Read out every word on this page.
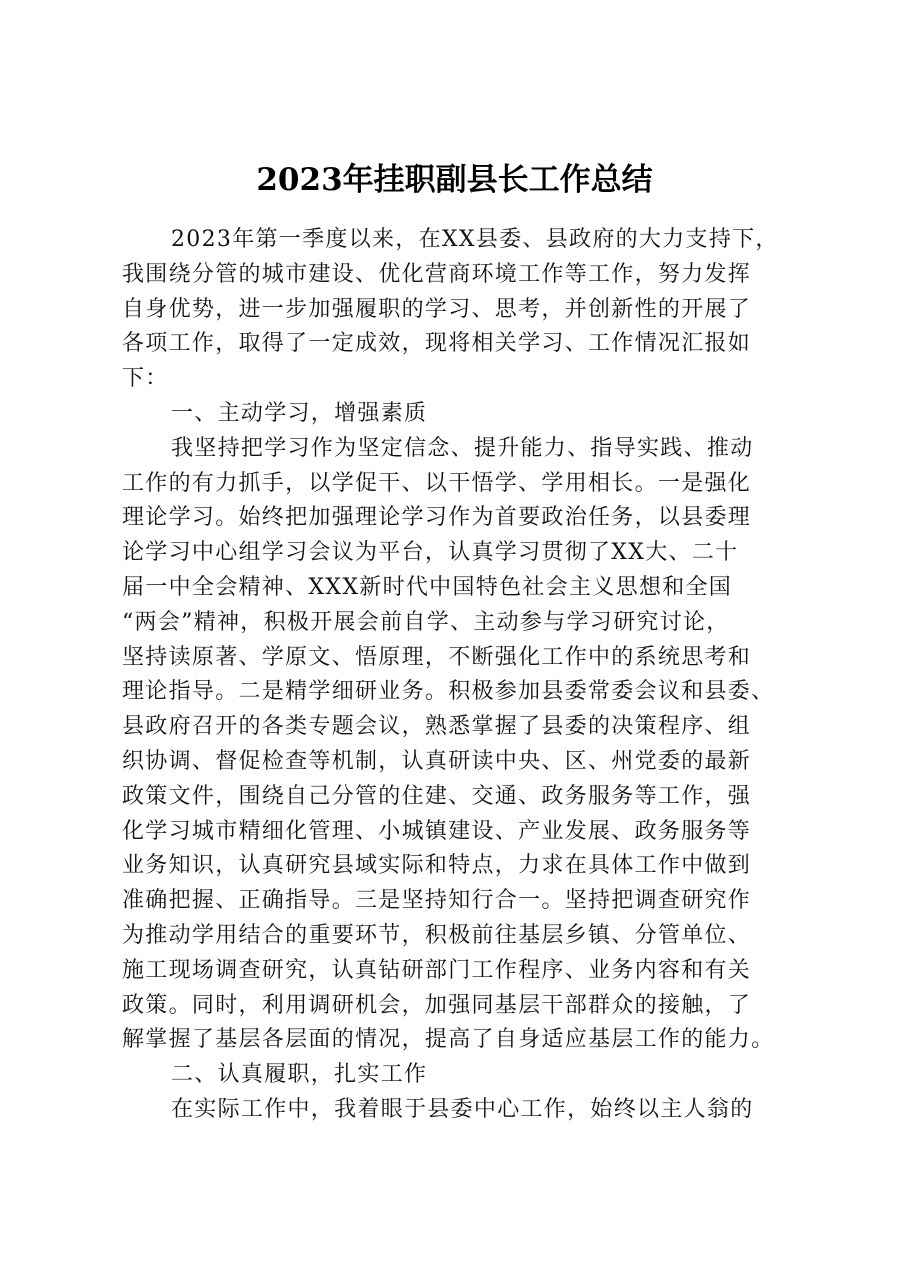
2023年挂职副县长工作总结
2023年第一季度以来，在XX县委、县政府的大力支持下，
我围绕分管的城市建设、优化营商环境工作等工作，努力发挥
自身优势，进一步加强履职的学习、思考，并创新性的开展了
各项工作，取得了一定成效，现将相关学习、工作情况汇报如
下：
一、主动学习，增强素质
我坚持把学习作为坚定信念、提升能力、指导实践、推动
工作的有力抓手，以学促干、以干悟学、学用相长。一是强化
理论学习。始终把加强理论学习作为首要政治任务，以县委理
论学习中心组学习会议为平台，认真学习贯彻了XX大、二十
届一中全会精神、XXX新时代中国特色社会主义思想和全国
“两会”精神，积极开展会前自学、主动参与学习研究讨论，
坚持读原著、学原文、悟原理，不断强化工作中的系统思考和
理论指导。二是精学细研业务。积极参加县委常委会议和县委、
县政府召开的各类专题会议，熟悉掌握了县委的决策程序、组
织协调、督促检查等机制，认真研读中央、区、州党委的最新
政策文件，围绕自己分管的住建、交通、政务服务等工作，强
化学习城市精细化管理、小城镇建设、产业发展、政务服务等
业务知识，认真研究县域实际和特点，力求在具体工作中做到
准确把握、正确指导。三是坚持知行合一。坚持把调查研究作
为推动学用结合的重要环节，积极前往基层乡镇、分管单位、
施工现场调查研究，认真钻研部门工作程序、业务内容和有关
政策。同时，利用调研机会，加强同基层干部群众的接触，了
解掌握了基层各层面的情况，提高了自身适应基层工作的能力。
二、认真履职，扎实工作
在实际工作中，我着眼于县委中心工作，始终以主人翁的
